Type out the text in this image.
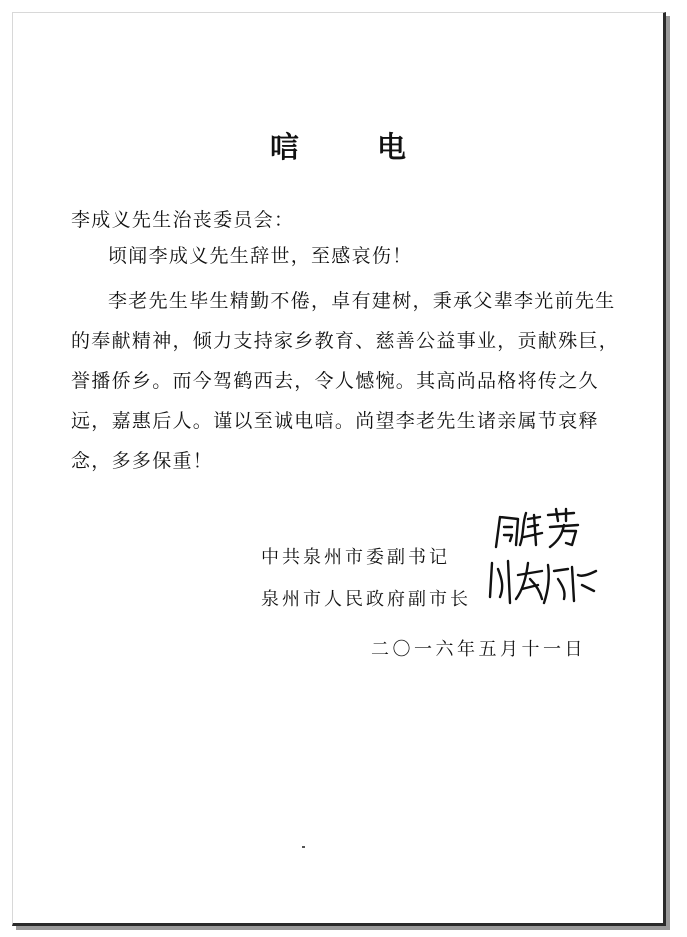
唁 电
李成义先生治丧委员会：
顷闻李成义先生辞世，至感哀伤！
李老先生毕生精勤不倦，卓有建树，秉承父辈李光前先生的奉献精神，倾力支持家乡教育、慈善公益事业，贡献殊巨，誉播侨乡。而今驾鹤西去，令人憾惋。其高尚品格将传之久远，嘉惠后人。谨以至诚电唁。尚望李老先生诸亲属节哀释念，多多保重！
中共泉州市委副书记
泉州市人民政府副市长
二〇一六年五月十一日
